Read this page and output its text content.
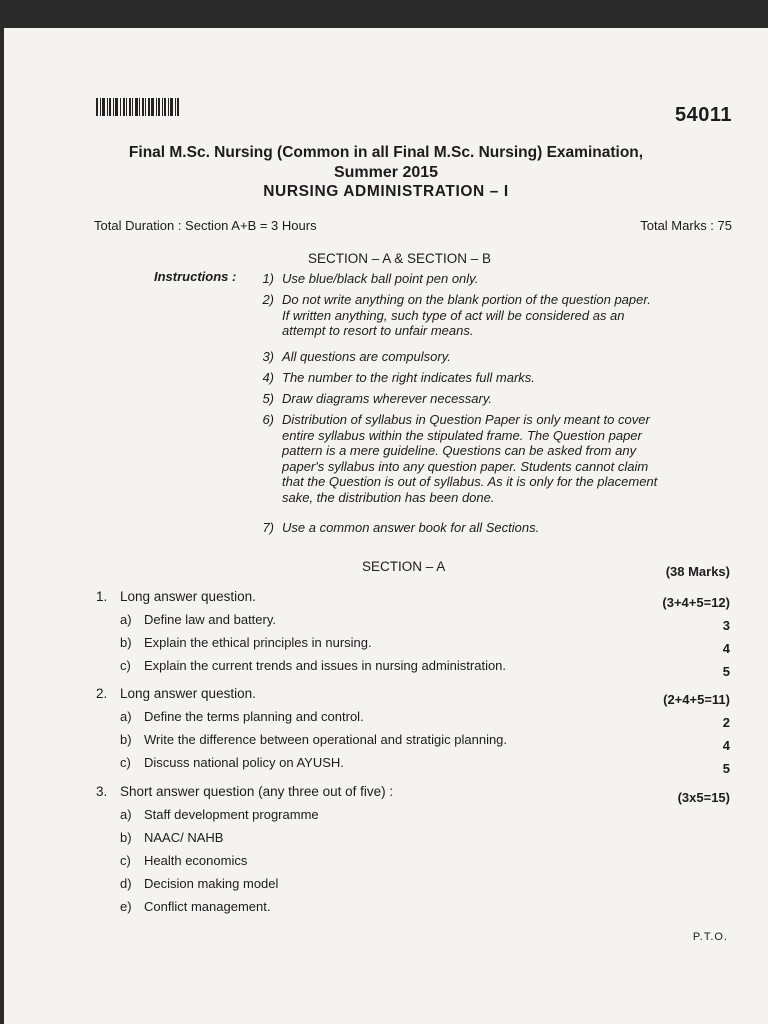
54011
Final M.Sc. Nursing (Common in all Final M.Sc. Nursing) Examination,
Summer 2015
NURSING ADMINISTRATION – I
Total Duration : Section A+B = 3 Hours	Total Marks : 75
SECTION – A & SECTION – B
Instructions :	1) Use blue/black ball point pen only.
2) Do not write anything on the blank portion of the question paper.
If written anything, such type of act will be considered as an
attempt to resort to unfair means.
3) All questions are compulsory.
4) The number to the right indicates full marks.
5) Draw diagrams wherever necessary.
6) Distribution of syllabus in Question Paper is only meant to cover
entire syllabus within the stipulated frame. The Question paper
pattern is a mere guideline. Questions can be asked from any
paper's syllabus into any question paper. Students cannot claim
that the Question is out of syllabus. As it is only for the placement
sake, the distribution has been done.
7) Use a common answer book for all Sections.
SECTION – A	(38 Marks)
1. Long answer question.	(3+4+5=12)
a) Define law and battery.	3
b) Explain the ethical principles in nursing.	4
c) Explain the current trends and issues in nursing administration.	5
2. Long answer question.	(2+4+5=11)
a) Define the terms planning and control.	2
b) Write the difference between operational and stratigic planning.	4
c) Discuss national policy on AYUSH.	5
3. Short answer question (any three out of five) :	(3x5=15)
a) Staff development programme
b) NAAC/ NAHB
c) Health economics
d) Decision making model
e) Conflict management.
P.T.O.
